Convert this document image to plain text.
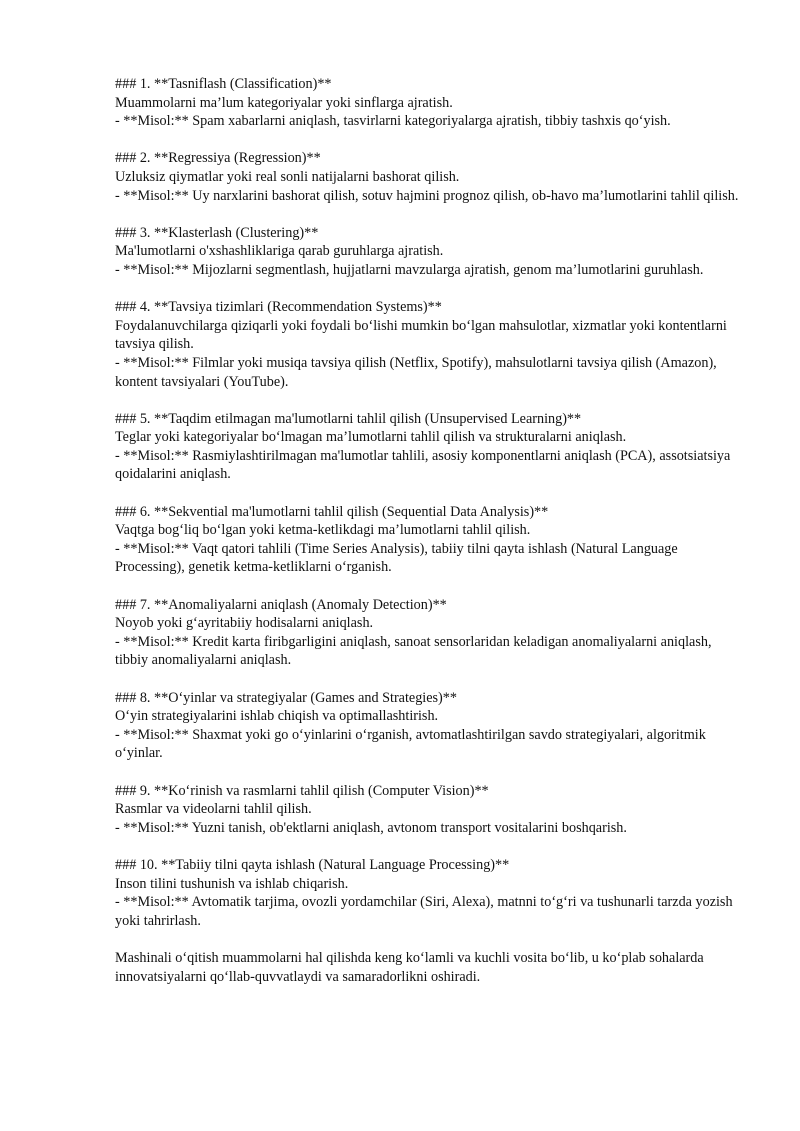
### 1. **Tasniflash (Classification)**
Muammolarni ma’lum kategoriyalar yoki sinflarga ajratish.
- **Misol:** Spam xabarlarni aniqlash, tasvirlarni kategoriyalarga ajratish, tibbiy tashxis qo‘yish.
### 2. **Regressiya (Regression)**
Uzluksiz qiymatlar yoki real sonli natijalarni bashorat qilish.
- **Misol:** Uy narxlarini bashorat qilish, sotuv hajmini prognoz qilish, ob-havo ma’lumotlarini tahlil qilish.
### 3. **Klasterlash (Clustering)**
Ma'lumotlarni o'xshashliklariga qarab guruhlarga ajratish.
- **Misol:** Mijozlarni segmentlash, hujjatlarni mavzularga ajratish, genom ma’lumotlarini guruhlash.
### 4. **Tavsiya tizimlari (Recommendation Systems)**
Foydalanuvchilarga qiziqarli yoki foydali bo‘lishi mumkin bo‘lgan mahsulotlar, xizmatlar yoki kontentlarni tavsiya qilish.
- **Misol:** Filmlar yoki musiqa tavsiya qilish (Netflix, Spotify), mahsulotlarni tavsiya qilish (Amazon), kontent tavsiyalari (YouTube).
### 5. **Taqdim etilmagan ma'lumotlarni tahlil qilish (Unsupervised Learning)**
Teglar yoki kategoriyalar bo‘lmagan ma’lumotlarni tahlil qilish va strukturalarni aniqlash.
- **Misol:** Rasmiylashtirilmagan ma'lumotlar tahlili, asosiy komponentlarni aniqlash (PCA), assotsiatsiya qoidalarini aniqlash.
### 6. **Sekvential ma'lumotlarni tahlil qilish (Sequential Data Analysis)**
Vaqtga bog‘liq bo‘lgan yoki ketma-ketlikdagi ma’lumotlarni tahlil qilish.
- **Misol:** Vaqt qatori tahlili (Time Series Analysis), tabiiy tilni qayta ishlash (Natural Language Processing), genetik ketma-ketliklarni o‘rganish.
### 7. **Anomaliyalarni aniqlash (Anomaly Detection)**
Noyob yoki g‘ayritabiiy hodisalarni aniqlash.
- **Misol:** Kredit karta firibgarligini aniqlash, sanoat sensorlaridan keladigan anomaliyalarni aniqlash, tibbiy anomaliyalarni aniqlash.
### 8. **O‘yinlar va strategiyalar (Games and Strategies)**
O‘yin strategiyalarini ishlab chiqish va optimallashtirish.
- **Misol:** Shaxmat yoki go o‘yinlarini o‘rganish, avtomatlashtirilgan savdo strategiyalari, algoritmik o‘yinlar.
### 9. **Ko‘rinish va rasmlarni tahlil qilish (Computer Vision)**
Rasmlar va videolarni tahlil qilish.
- **Misol:** Yuzni tanish, ob'ektlarni aniqlash, avtonom transport vositalarini boshqarish.
### 10. **Tabiiy tilni qayta ishlash (Natural Language Processing)**
Inson tilini tushunish va ishlab chiqarish.
- **Misol:** Avtomatik tarjima, ovozli yordamchilar (Siri, Alexa), matnni to‘g‘ri va tushunarli tarzda yozish yoki tahrirlash.
Mashinali o‘qitish muammolarni hal qilishda keng ko‘lamli va kuchli vosita bo‘lib, u ko‘plab sohalarda innovatsiyalarni qo‘llab-quvvatlaydi va samaradorlikni oshiradi.
